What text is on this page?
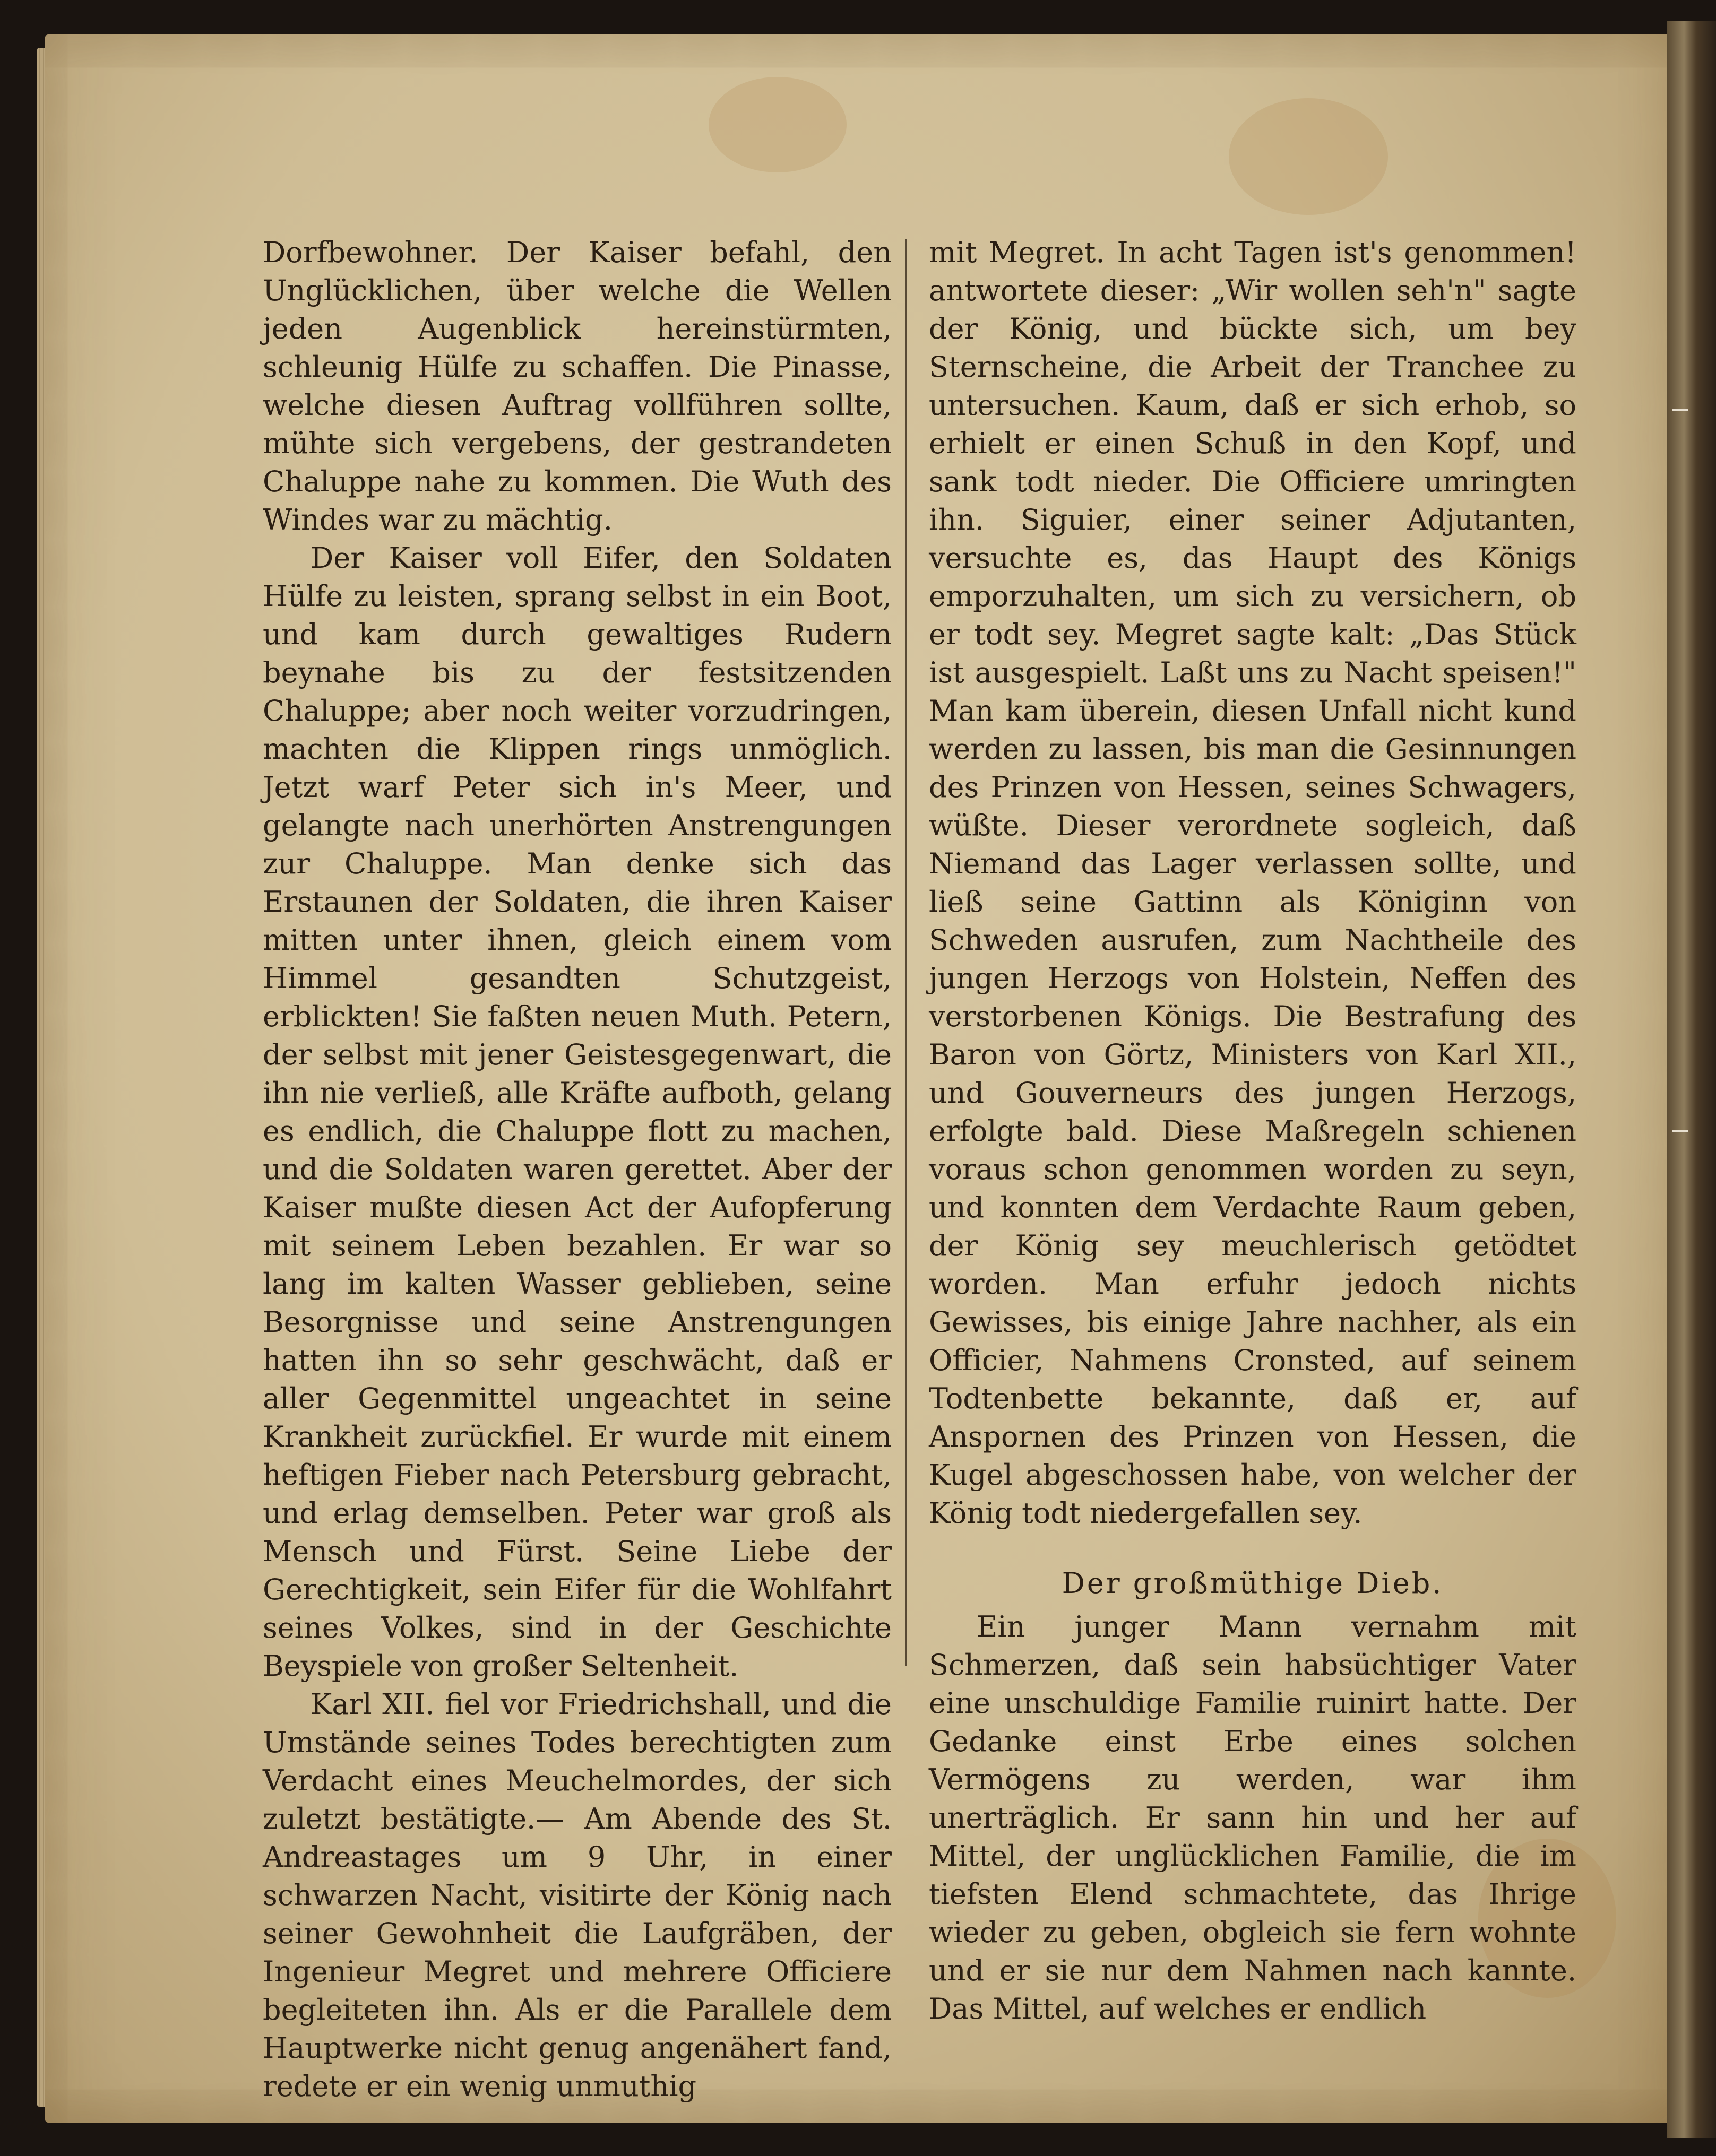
Dorfbewohner. Der Kaiser befahl, den Unglücklichen, über welche die Wellen jeden Augenblick hereinstürmten, schleunig Hülfe zu schaffen. Die Pinasse, welche diesen Auftrag vollführen sollte, mühte sich vergebens, der gestrandeten Chaluppe nahe zu kommen. Die Wuth des Windes war zu mächtig.

Der Kaiser voll Eifer, den Soldaten Hülfe zu leisten, sprang selbst in ein Boot, und kam durch gewaltiges Rudern beynahe bis zu der festsitzenden Chaluppe; aber noch weiter vorzudringen, machten die Klippen rings unmöglich. Jetzt warf Peter sich in's Meer, und gelangte nach unerhörten Anstrengungen zur Chaluppe. Man denke sich das Erstaunen der Soldaten, die ihren Kaiser mitten unter ihnen, gleich einem vom Himmel gesandten Schutzgeist, erblickten! Sie faßten neuen Muth. Petern, der selbst mit jener Geistesgegenwart, die ihn nie verließ, alle Kräfte aufboth, gelang es endlich, die Chaluppe flott zu machen, und die Soldaten waren gerettet. Aber der Kaiser mußte diesen Act der Aufopferung mit seinem Leben bezahlen. Er war so lang im kalten Wasser geblieben, seine Besorgnisse und seine Anstrengungen hatten ihn so sehr geschwächt, daß er aller Gegenmittel ungeachtet in seine Krankheit zurückfiel. Er wurde mit einem heftigen Fieber nach Petersburg gebracht, und erlag demselben. Peter war groß als Mensch und Fürst. Seine Liebe der Gerechtigkeit, sein Eifer für die Wohlfahrt seines Volkes, sind in der Geschichte Beyspiele von großer Seltenheit.

Karl XII. fiel vor Friedrichshall, und die Umstände seines Todes berechtigten zum Verdacht eines Meuchelmordes, der sich zuletzt bestätigte.— Am Abende des St. Andreastages um 9 Uhr, in einer schwarzen Nacht, visitirte der König nach seiner Gewohnheit die Laufgräben, der Ingenieur Megret und mehrere Officiere begleiteten ihn. Als er die Parallele dem Hauptwerke nicht genug angenähert fand, redete er ein wenig unmuthig

mit Megret. In acht Tagen ist's genommen! antwortete dieser: „Wir wollen seh'n" sagte der König, und bückte sich, um bey Sternscheine, die Arbeit der Tranchee zu untersuchen. Kaum, daß er sich erhob, so erhielt er einen Schuß in den Kopf, und sank todt nieder. Die Officiere umringten ihn. Siguier, einer seiner Adjutanten, versuchte es, das Haupt des Königs emporzuhalten, um sich zu versichern, ob er todt sey. Megret sagte kalt: „Das Stück ist ausgespielt. Laßt uns zu Nacht speisen!" Man kam überein, diesen Unfall nicht kund werden zu lassen, bis man die Gesinnungen des Prinzen von Hessen, seines Schwagers, wüßte. Dieser verordnete sogleich, daß Niemand das Lager verlassen sollte, und ließ seine Gattinn als Königinn von Schweden ausrufen, zum Nachtheile des jungen Herzogs von Holstein, Neffen des verstorbenen Königs. Die Bestrafung des Baron von Görtz, Ministers von Karl XII., und Gouverneurs des jungen Herzogs, erfolgte bald. Diese Maßregeln schienen voraus schon genommen worden zu seyn, und konnten dem Verdachte Raum geben, der König sey meuchlerisch getödtet worden. Man erfuhr jedoch nichts Gewisses, bis einige Jahre nachher, als ein Officier, Nahmens Cronsted, auf seinem Todtenbette bekannte, daß er, auf Anspornen des Prinzen von Hessen, die Kugel abgeschossen habe, von welcher der König todt niedergefallen sey.

Der großmüthige Dieb.

Ein junger Mann vernahm mit Schmerzen, daß sein habsüchtiger Vater eine unschuldige Familie ruinirt hatte. Der Gedanke einst Erbe eines solchen Vermögens zu werden, war ihm unerträglich. Er sann hin und her auf Mittel, der unglücklichen Familie, die im tiefsten Elend schmachtete, das Ihrige wieder zu geben, obgleich sie fern wohnte und er sie nur dem Nahmen nach kannte. Das Mittel, auf welches er endlich
